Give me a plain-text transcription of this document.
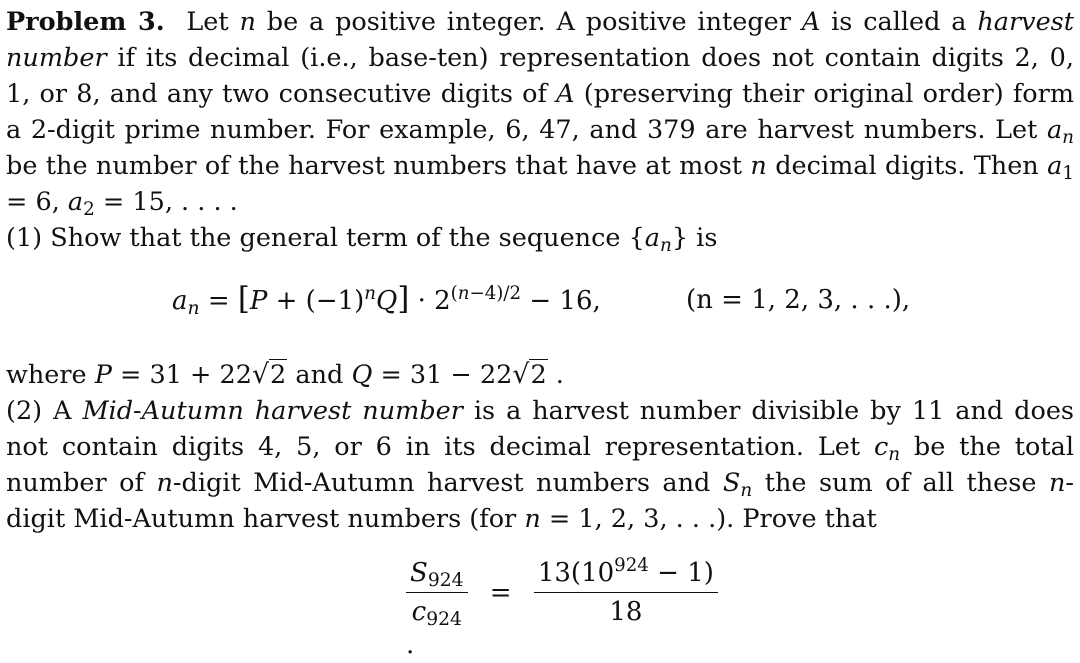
Problem 3.  Let n be a positive integer. A positive integer A is called a harvest number if its decimal (i.e., base-ten) representation does not contain digits 2, 0, 1, or 8, and any two consecutive digits of A (preserving their original order) form a 2-digit prime number. For example, 6, 47, and 379 are harvest numbers. Let $a_n$ be the number of the harvest numbers that have at most n decimal digits. Then $a_1 = 6$, $a_2 = 15$, . . . .

(1) Show that the general term of the sequence $\{a_n\}$ is

$a_n = [P + (-1)^nQ] \cdot 2^{(n-4)/2} - 16$,	(n = 1, 2, 3, . . .),

where P = 31 + 22√2 and Q = 31 − 22√2 .

(2) A Mid-Autumn harvest number is a harvest number divisible by 11 and does not contain digits 4, 5, or 6 in its decimal representation. Let $c_n$ be the total number of n-digit Mid-Autumn harvest numbers and $S_n$ the sum of all these n-digit Mid-Autumn harvest numbers (for n = 1, 2, 3, . . .). Prove that

$\frac{S_{924}}{c_{924}} = \frac{13(10^{924} - 1)}{18}$
.
